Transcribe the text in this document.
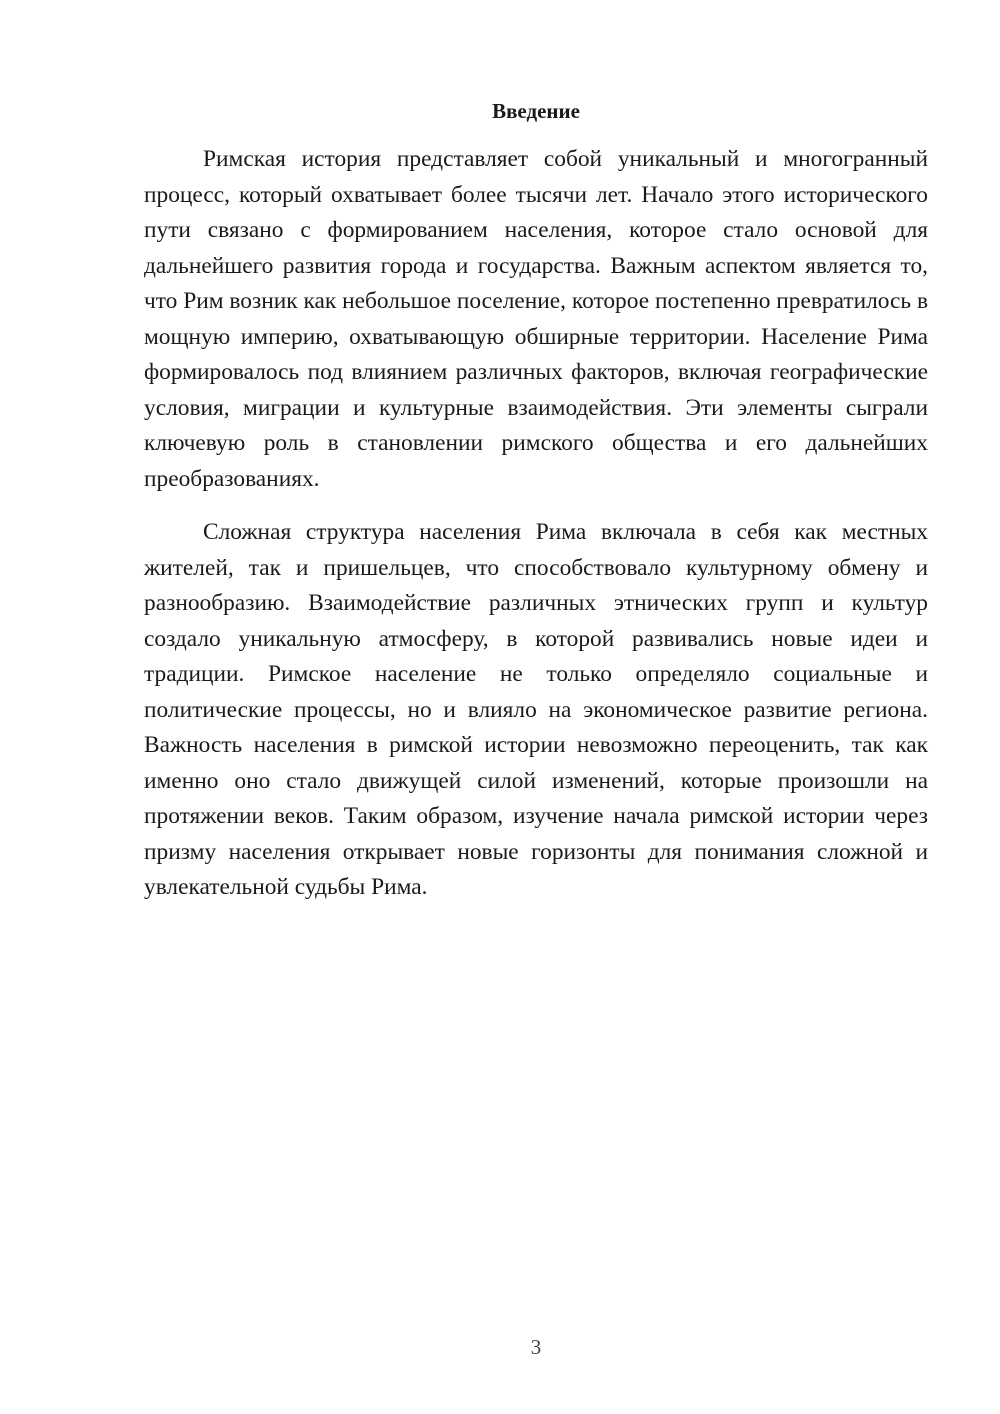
Введение

Римская история представляет собой уникальный и многогранный процесс, который охватывает более тысячи лет. Начало этого исторического пути связано с формированием населения, которое стало основой для дальнейшего развития города и государства. Важным аспектом является то, что Рим возник как небольшое поселение, которое постепенно превратилось в мощную империю, охватывающую обширные территории. Население Рима формировалось под влиянием различных факторов, включая географические условия, миграции и культурные взаимодействия. Эти элементы сыграли ключевую роль в становлении римского общества и его дальнейших преобразованиях.

Сложная структура населения Рима включала в себя как местных жителей, так и пришельцев, что способствовало культурному обмену и разнообразию. Взаимодействие различных этнических групп и культур создало уникальную атмосферу, в которой развивались новые идеи и традиции. Римское население не только определяло социальные и политические процессы, но и влияло на экономическое развитие региона. Важность населения в римской истории невозможно переоценить, так как именно оно стало движущей силой изменений, которые произошли на протяжении веков. Таким образом, изучение начала римской истории через призму населения открывает новые горизонты для понимания сложной и увлекательной судьбы Рима.

3
